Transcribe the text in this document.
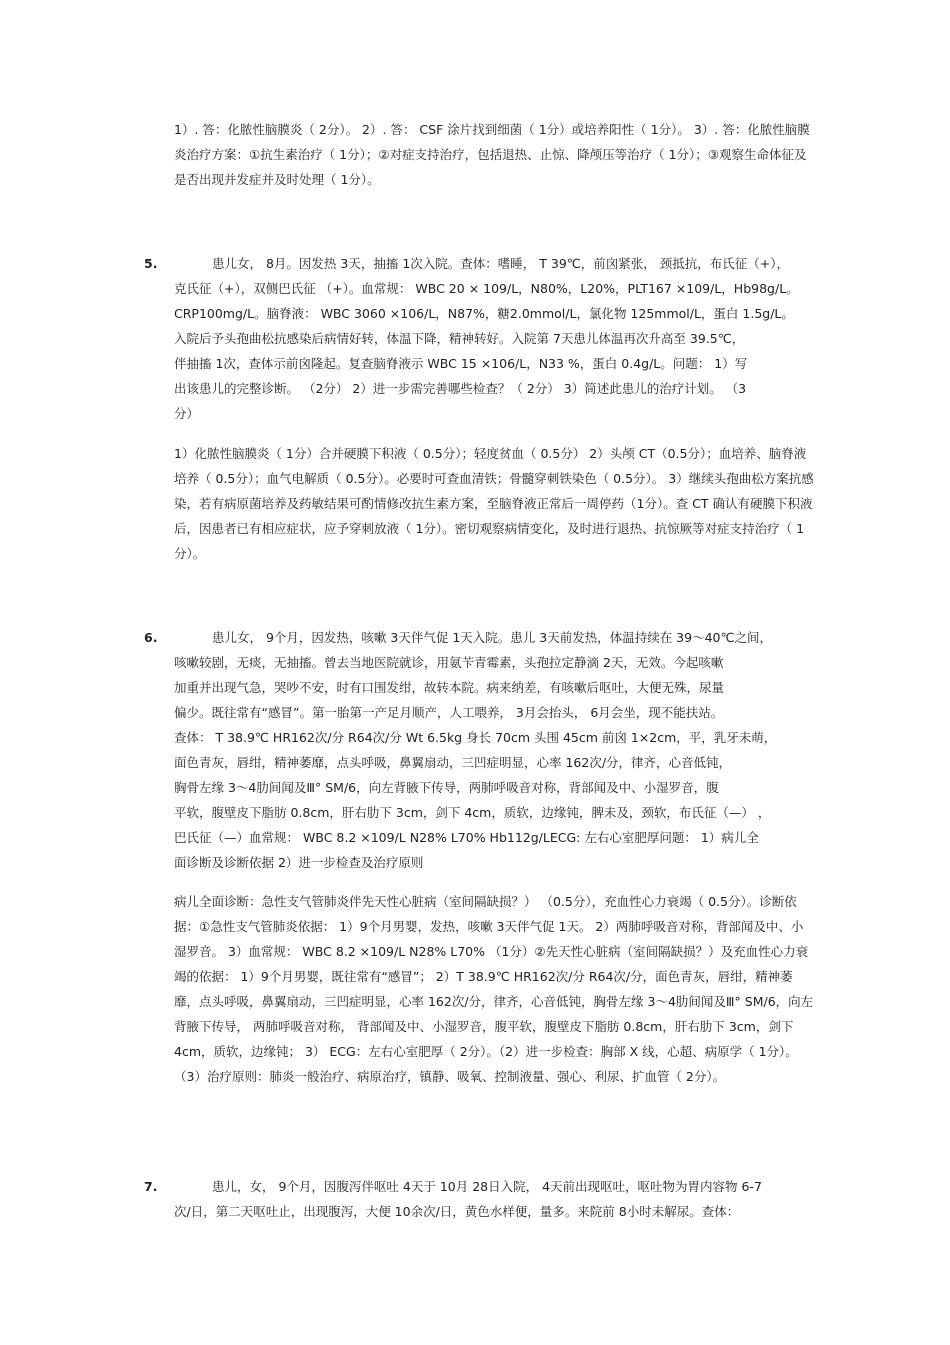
1）. 答：化脓性脑膜炎（ 2分）。 2）. 答： CSF 涂片找到细菌（ 1分）或培养阳性（ 1分）。 3）. 答：化脓性脑膜炎治疗方案：①抗生素治疗（ 1分）；②对症支持治疗，包括退热、止惊、降颅压等治疗（ 1分）；③观察生命体征及是否出现并发症并及时处理（ 1分）。

5.	患儿女， 8月。因发热 3天，抽搐 1次入院。查体：嗜睡， T 39℃，前囟紧张， 颈抵抗，布氏征（+），
克氏征（+），双侧巴氏征 （+）。血常规： WBC 20 × 109/L，N80%，L20%，PLT167 ×109/L，Hb98g/L。
CRP100mg/L。脑脊液： WBC 3060 ×106/L，N87%，糖2.0mmol/L，氯化物 125mmol/L，蛋白 1.5g/L。
入院后予头孢曲松抗感染后病情好转，体温下降，精神转好。入院第 7天患儿体温再次升高至 39.5℃，
伴抽搐 1次，查体示前囟隆起。复查脑脊液示 WBC 15 ×106/L，N33 %，蛋白 0.4g/L。问题： 1）写
出该患儿的完整诊断。 （2分） 2）进一步需完善哪些检查？（ 2分） 3）简述此患儿的治疗计划。 （3
分）

1）化脓性脑膜炎（ 1分）合并硬膜下积液（ 0.5分）；轻度贫血（ 0.5分） 2）头颅 CT（0.5分）；血培养、脑脊液培养（ 0.5分）；血气电解质（ 0.5分）。必要时可查血清铁；骨髓穿刺铁染色（ 0.5分）。 3）继续头孢曲松方案抗感染，若有病原菌培养及药敏结果可酌情修改抗生素方案，至脑脊液正常后一周停药（1分）。查 CT 确认有硬膜下积液后，因患者已有相应症状，应予穿刺放液（ 1分）。密切观察病情变化，及时进行退热、抗惊厥等对症支持治疗（ 1分）。

6.	患儿女， 9个月，因发热，咳嗽 3天伴气促 1天入院。患儿 3天前发热，体温持续在 39～40℃之间，
咳嗽较剧，无痰，无抽搐。曾去当地医院就诊，用氨苄青霉素，头孢拉定静滴 2天，无效。今起咳嗽
加重并出现气急，哭吵不安，时有口围发绀，故转本院。病来纳差，有咳嗽后呕吐，大便无殊，尿量
偏少。既往常有“感冒”。第一胎第一产足月顺产，人工喂养， 3月会抬头， 6月会坐，现不能扶站。
查体： T 38.9℃ HR162次/分 R64次/分 Wt 6.5kg 身长 70cm 头围 45cm 前囟 1×2cm，平，乳牙未萌，
面色青灰，唇绀，精神萎靡，点头呼吸，鼻翼扇动，三凹症明显，心率 162次/分，律齐，心音低钝，
胸骨左缘 3～4肋间闻及Ⅲ° SM/6，向左背腋下传导，两肺呼吸音对称，背部闻及中、小湿罗音，腹
平软，腹壁皮下脂肪 0.8cm，肝右肋下 3cm，剑下 4cm，质软，边缘钝，脾未及，颈软，布氏征（—） ，
巴氏征（—）血常规： WBC 8.2 ×109/L N28% L70% Hb112g/LECG: 左右心室肥厚问题： 1）病儿全
面诊断及诊断依据 2）进一步检查及治疗原则

病儿全面诊断：急性支气管肺炎伴先天性心脏病（室间隔缺损？） （0.5分），充血性心力衰竭（ 0.5分）。诊断依据：①急性支气管肺炎依据： 1）9个月男婴，发热，咳嗽 3天伴气促 1天。 2）两肺呼吸音对称，背部闻及中、小湿罗音。 3）血常规： WBC 8.2 ×109/L N28% L70% （1分）②先天性心脏病（室间隔缺损？）及充血性心力衰竭的依据： 1）9个月男婴，既往常有“感冒”； 2）T 38.9℃ HR162次/分 R64次/分，面色青灰，唇绀，精神萎靡，点头呼吸，鼻翼扇动，三凹症明显，心率 162次/分，律齐，心音低钝，胸骨左缘 3～4肋间闻及Ⅲ° SM/6，向左背腋下传导， 两肺呼吸音对称， 背部闻及中、小湿罗音，腹平软，腹壁皮下脂肪 0.8cm，肝右肋下 3cm，剑下 4cm，质软，边缘钝； 3） ECG：左右心室肥厚（ 2分）。（2）进一步检查：胸部 X 线，心超、病原学（ 1分）。（3）治疗原则：肺炎一般治疗、病原治疗，镇静、吸氧、控制液量、强心、利尿、扩血管（ 2分）。

7.	患儿，女， 9个月，因腹泻伴呕吐 4天于 10月 28日入院， 4天前出现呕吐，呕吐物为胃内容物 6-7
次/日，第二天呕吐止，出现腹泻，大便 10余次/日，黄色水样便，量多。来院前 8小时未解尿。查体：
